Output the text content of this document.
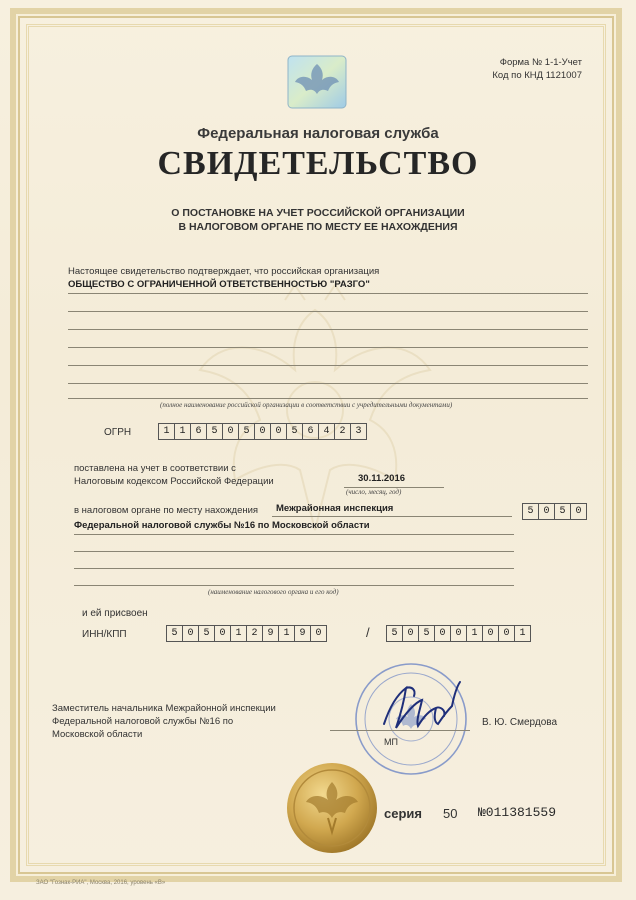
Форма № 1-1-Учет
Код по КНД 1121007
Федеральная налоговая служба
СВИДЕТЕЛЬСТВО
О ПОСТАНОВКЕ НА УЧЕТ РОССИЙСКОЙ ОРГАНИЗАЦИИ
В НАЛОГОВОМ ОРГАНЕ ПО МЕСТУ ЕЕ НАХОЖДЕНИЯ
Настоящее свидетельство подтверждает, что российская организация
ОБЩЕСТВО С ОГРАНИЧЕННОЙ ОТВЕТСТВЕННОСТЬЮ "РАЗГО"
(полное наименование российской организации в соответствии с учредительными документами)
ОГРН	1 1 6 5 0 5 0 0 5 6 4 2 3
поставлена на учет в соответствии с
Налоговым кодексом Российской Федерации	30.11.2016
(число, месяц, год)
в налоговом органе по месту нахождения Межрайонная инспекция	5 0 5 0
Федеральной налоговой службы №16 по Московской области
(наименование налогового органа и его код)
и ей присвоен
ИНН/КПП	5 0 5 0 1 2 9 1 9 0	/	5 0 5 0 0 1 0 0 1
Заместитель начальника Межрайонной инспекции
Федеральной налоговой службы №16 по
Московской области
В. Ю. Смердова
МП
серия 50 №011381559
ЗАО "Гознак-РИА", Москва, 2016, уровень «В»
